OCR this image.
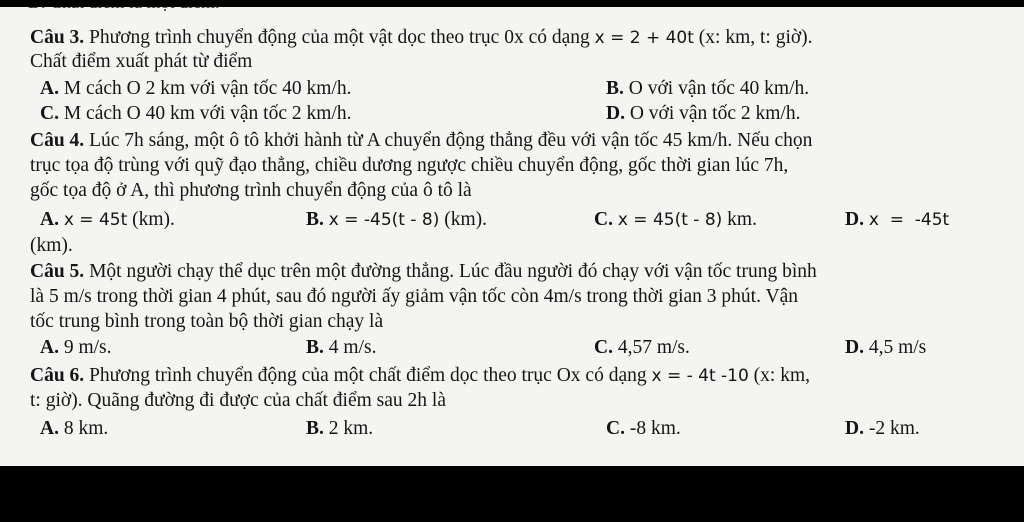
Câu 3. Phương trình chuyển động của một vật dọc theo trục 0x có dạng x = 2 + 40t (x: km, t: giờ).
Chất điểm xuất phát từ điểm
A. M cách O 2 km với vận tốc 40 km/h.	B. O với vận tốc 40 km/h.
C. M cách O 40 km với vận tốc 2 km/h.	D. O với vận tốc 2 km/h.
Câu 4. Lúc 7h sáng, một ô tô khởi hành từ A chuyển động thẳng đều với vận tốc 45 km/h. Nếu chọn
trục tọa độ trùng với quỹ đạo thẳng, chiều dương ngược chiều chuyển động, gốc thời gian lúc 7h,
gốc tọa độ ở A, thì phương trình chuyển động của ô tô là
A. x = 45t (km).	B. x = -45(t - 8) (km).	C. x = 45(t - 8) km.	D. x  =  -45t
(km).
Câu 5. Một người chạy thể dục trên một đường thẳng. Lúc đầu người đó chạy với vận tốc trung bình
là 5 m/s trong thời gian 4 phút, sau đó người ấy giảm vận tốc còn 4m/s trong thời gian 3 phút. Vận
tốc trung bình trong toàn bộ thời gian chạy là
A. 9 m/s.	B. 4 m/s.	C. 4,57 m/s.	D. 4,5 m/s
Câu 6. Phương trình chuyển động của một chất điểm dọc theo trục Ox có dạng x = - 4t -10 (x: km,
t: giờ). Quãng đường đi được của chất điểm sau 2h là
A. 8 km.	B. 2 km.	C. -8 km.	D. -2 km.
